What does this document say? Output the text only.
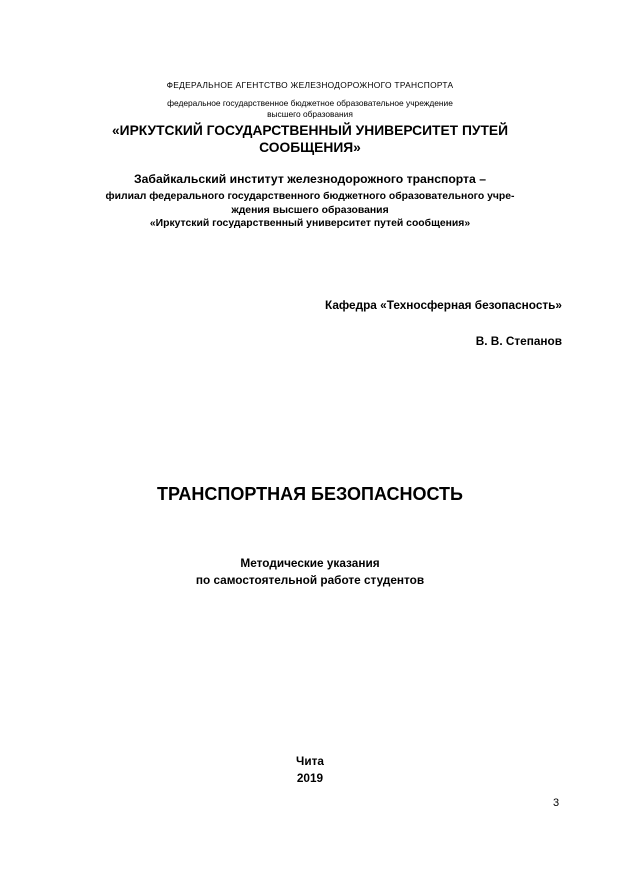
ФЕДЕРАЛЬНОЕ АГЕНТСТВО ЖЕЛЕЗНОДОРОЖНОГО ТРАНСПОРТА

федеральное государственное бюджетное образовательное учреждение
высшего образования
«ИРКУТСКИЙ ГОСУДАРСТВЕННЫЙ УНИВЕРСИТЕТ ПУТЕЙ
СООБЩЕНИЯ»

Забайкальский институт железнодорожного транспорта –

филиал федерального государственного бюджетного образовательного учре-
ждения высшего образования
«Иркутский государственный университет путей сообщения»

Кафедра «Техносферная безопасность»

В. В. Степанов

ТРАНСПОРТНАЯ БЕЗОПАСНОСТЬ
Методические указания
по самостоятельной работе студентов
Чита
2019

3
